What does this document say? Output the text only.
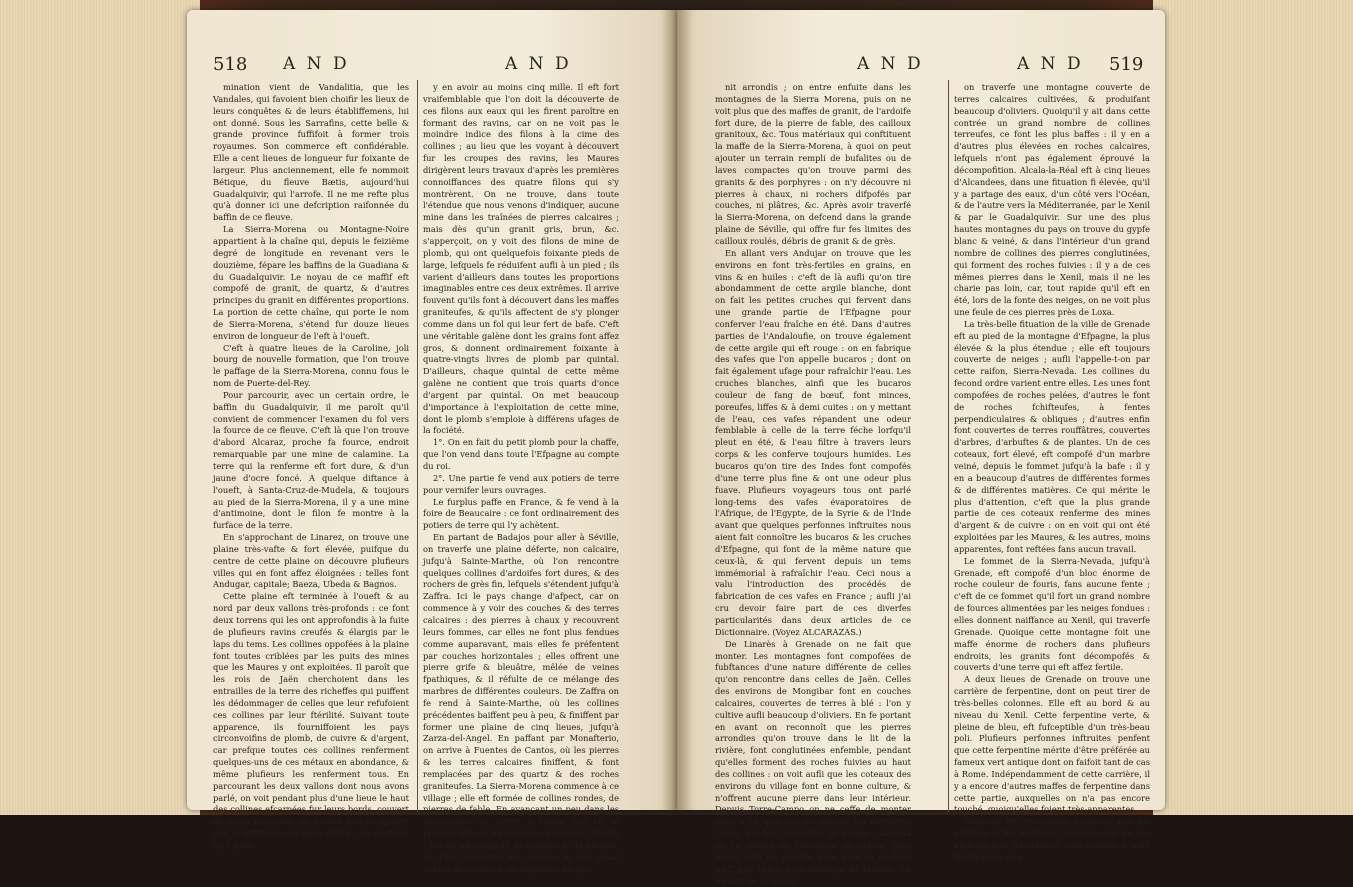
518 A N D	A N D

mination vient de Vandalitia, que les Vandales, qui favoient bien choifir les lieux de leurs conquêtes & de leurs établiffemens, lui ont donné. Sous les Sarrafins, cette belle & grande province fuffifoit à former trois royaumes. Son commerce eft confidérable. Elle a cent lieues de longueur fur foixante de largeur. Plus anciennement, elle fe nommoit Bétique, du fleuve Bætis, aujourd'hui Guadalquivir, qui l'arrofe. Il ne me refte plus qu'à donner ici une defcription raifonnée du baffin de ce fleuve.

La Sierra-Morena ou Montagne-Noire appartient à la chaîne qui, depuis le feizième degré de longitude en revenant vers le douzième, fépare les baffins de la Guadiana & du Guadalquivir. Le noyau de ce maffif eft compofé de granit, de quartz, & d'autres principes du granit en différentes proportions. La portion de cette chaîne, qui porte le nom de Sierra-Morena, s'étend fur douze lieues environ de longueur de l'eft à l'oueft.

C'eft à quatre lieues de la Caroline, joli bourg de nouvelle formation, que l'on trouve le paffage de la Sierra-Morena, connu fous le nom de Puerte-del-Rey.

Pour parcourir, avec un certain ordre, le baffin du Guadalquivir, il me paroît qu'il convient de commencer l'examen du fol vers la fource de ce fleuve. C'eft là que l'on trouve d'abord Alcaraz, proche fa fource, endroit remarquable par une mine de calamine. La terre qui la renferme eft fort dure, & d'un jaune d'ocre foncé. A quelque diftance à l'oueft, à Santa-Cruz-de-Mudela, & toujours au pied de la Sierra-Morena, il y a une mine d'antimoine, dont le filon fe montre à la furface de la terre.

En s'approchant de Linarez, on trouve une plaine très-vafte & fort élevée, puifque du centre de cette plaine on découvre plufieurs villes qui en font affez éloignées : telles font Andugar, capitale; Baeza, Ubeda & Bagnos.

Cette plaine eft terminée à l'oueft & au nord par deux vallons très-profonds : ce font deux torrens qui les ont approfondis à la fuite de plufieurs ravins creufés & élargis par le laps du tems. Les collines oppofées à la plaine font toutes criblées par les puits des mines que les Maures y ont exploitées. Il paroît que les rois de Jaën cherchoient dans les entrailles de la terre des richeffes qui puiffent les dédommager de celles que leur refufoient ces collines par leur ftérilité. Suivant toute apparence, ils fourniffoient les pays circonvoifins de plomb, de cuivre & d'argent, car prefque toutes ces collines renferment quelques-uns de ces métaux en abondance, & même plufieurs les renferment tous. En parcourant les deux vallons dont nous avons parlé, on voit pendant plus d'une lieue le haut des collines efcarpées fur leurs bords, couvert de puits pratiqués de quatre pas en quatre pas, & diftribués en ligne droite : on préfume qu'il peut

y en avoir au moins cinq mille. Il eft fort vraifemblable que l'on doit la découverte de ces filons aux eaux qui les firent paroître en formant des ravins, car on ne voit pas le moindre indice des filons à la cime des collines ; au lieu que les voyant à découvert fur les croupes des ravins, les Maures dirigèrent leurs travaux d'après les premières connoiffances des quatre filons qui s'y montrèrent. On ne trouve, dans toute l'étendue que nous venons d'indiquer, aucune mine dans les traînées de pierres calcaires ; mais dès qu'un granit gris, brun, &c. s'apperçoit, on y voit des filons de mine de plomb, qui ont quelquefois foixante pieds de large, lefquels fe réduifent aufli à un pied ; ils varient d'ailleurs dans toutes les proportions imaginables entre ces deux extrêmes. Il arrive fouvent qu'ils font à découvert dans les maffes graniteufes, & qu'ils affectent de s'y plonger comme dans un fol qui leur fert de bafe. C'eft une véritable galène dont les grains font affez gros, & donnent ordinairement foixante à quatre-vingts livres de plomb par quintal. D'ailleurs, chaque quintal de cette même galène ne contient que trois quarts d'once d'argent par quintal. On met beaucoup d'importance à l'exploitation de cette mine, dont le plomb s'emploie à différens ufages de la fociété.

1°. On en fait du petit plomb pour la chaffe, que l'on vend dans toute l'Efpagne au compte du roi.

2°. Une partie fe vend aux potiers de terre pour vernifer leurs ouvrages.

Le furplus paffe en France, & fe vend à la foire de Beaucaire : ce font ordinairement des potiers de terre qui l'y achètent.

En partant de Badajos pour aller à Séville, on traverfe une plaine déferte, non calcaire, jufqu'à Sainte-Marthe, où l'on rencontre quelques collines d'ardoifes fort dures, & des rochers de grès fin, lefquels s'étendent jufqu'à Zaffra. Ici le pays change d'afpect, car on commence à y voir des couches & des terres calcaires : des pierres à chaux y recouvrent leurs fommes, car elles ne font plus fendues comme auparavant, mais elles fe préfentent par couches horizontales ; elles offrent une pierre grife & bleuâtre, mêlée de veines fpathiques, & il réfulte de ce mélange des marbres de différentes couleurs. De Zaffra on fe rend à Sainte-Marthe, où les collines précédentes baiffent peu à peu, & finiffent par former une plaine de cinq lieues, jufqu'à Zarza-del-Angel. En paffant par Monafterio, on arrive à Fuentes de Cantos, où les pierres & les terres calcaires finiffent, & font remplacées par des quartz & des roches graniteufes. La Sierra-Morena commence à ce village ; elle eft formée de collines rondes, de pierres de fable. En avançant un peu dans les montagnes, on arrive à Olalla, qui eft le premier village du royaume ancien de Séville : fon fol eft compofé de collines & de plaines, où l'on rencontre des pierres & des amas confus de roches & de fragmens de gra-

A N D	A N D 519

nit arrondis ; on entre enfuite dans les montagnes de la Sierra Morena, puis on ne voit plus que des maffes de granit, de l'ardoife fort dure, de la pierre de fable, des cailloux granitoux, &c. Tous matériaux qui conftituent la maffe de la Sierra-Morena, à quoi on peut ajouter un terrain rempli de bufalites ou de laves compactes qu'on trouve parmi des granits & des porphyres : on n'y découvre ni pierres à chaux, ni rochers difpofés par couches, ni plâtres, &c. Après avoir traverfé la Sierra-Morena, on defcend dans la grande plaine de Séville, qui offre fur fes limites des cailloux roulés, débris de granit & de grès.

En allant vers Andujar on trouve que les environs en font très-fertiles en grains, en vins & en huiles : c'eft de là aufli qu'on tire abondamment de cette argile blanche, dont on fait les petites cruches qui fervent dans une grande partie de l'Efpagne pour conferver l'eau fraîche en été. Dans d'autres parties de l'Andaloufie, on trouve également de cette argile qui eft rouge : on en fabrique des vafes que l'on appelle bucaros ; dont on fait également ufage pour rafraîchir l'eau. Les cruches blanches, ainfi que les bucaros couleur de fang de bœuf, font minces, poreufes, liffes & à demi cuites : on y mettant de l'eau, ces vafes répandent une odeur femblable à celle de la terre féche lorfqu'il pleut en été, & l'eau filtre à travers leurs corps & les conferve toujours humides. Les bucaros qu'on tire des Indes font compofés d'une terre plus fine & ont une odeur plus fuave. Plufieurs voyageurs tous ont parlé long-tems des vafes évaporatoires de l'Afrique, de l'Egypte, de la Syrie & de l'Inde avant que quelques perfonnes inftruites nous aient fait connoître les bucaros & les cruches d'Efpagne, qui font de la même nature que ceux-là, & qui fervent depuis un tems immémorial à rafraîchir l'eau. Ceci nous a valu l'introduction des procédés de fabrication de ces vafes en France ; aufli j'ai cru devoir faire part de ces diverfes particularités dans deux articles de ce Dictionnaire. (Voyez ALCARAZAS.)

De Linarès à Grenade on ne fait que monter. Les montagnes font compofées de fubftances d'une nature différente de celles qu'on rencontre dans celles de Jaën. Celles des environs de Mongibar font en couches calcaires, couvertes de terres à blé : l'on y cultive aufli beaucoup d'oliviers. En fe portant en avant on reconnoît que les pierres arrondies qu'on trouve dans le lit de la rivière, font conglutinées enfemble, pendant qu'elles forment des roches fuivies au haut des collines : on voit aufli que les coteaux des environs du village font en bonne culture, & n'offrent aucune pierre dans leur intérieur. Depuis Torre-Campo on ne ceffe de monter jufqu'à ce que l'on ait atteint les dernières cimes, qui font couvertes de neiges : au-delà de ce village on rencontre Alcaudete, gros bourg bâti en marbre noir, dont la couleur n'eft pas l'effet d'un mélange de bitume. En fortant de ce bourg

on traverfe une montagne couverte de terres calcaires cultivées, & produifant beaucoup d'oliviers. Quoiqu'il y ait dans cette contrée un grand nombre de collines terreufes, ce font les plus baffes : il y en a d'autres plus élevées en roches calcaires, lefquels n'ont pas également éprouvé la décompofition. Alcala-la-Réal eft à cinq lieues d'Alcandees, dans une fituation fi élevée, qu'il y a partage des eaux, d'un côté vers l'Océan, & de l'autre vers la Méditerranée, par le Xenil & par le Guadalquivir. Sur une des plus hautes montagnes du pays on trouve du gypfe blanc & veiné, & dans l'intérieur d'un grand nombre de collines des pierres conglutinées, qui forment des roches fuivies : il y a de ces mêmes pierres dans le Xenil, mais il ne les charie pas loin, car, tout rapide qu'il eft en été, lors de la fonte des neiges, on ne voit plus une feule de ces pierres près de Loxa.

La très-belle fituation de la ville de Grenade eft au pied de la montagne d'Efpagne, la plus élevée & la plus étendue ; elle eft toujours couverte de neiges ; aufli l'appelle-t-on par cette raifon, Sierra-Nevada. Les collines du fecond ordre varient entre elles. Les unes font compofées de roches pelées, d'autres le font de roches fchifteufes, à fentes perpendiculaires & obliques ; d'autres enfin font couvertes de terres rouffâtres, couvertes d'arbres, d'arbuftes & de plantes. Un de ces coteaux, fort élevé, eft compofé d'un marbre veiné, depuis le fommet jufqu'à la bafe : il y en a beaucoup d'autres de différentes formes & de différentes matières. Ce qui mérite le plus d'attention, c'eft que la plus grande partie de ces coteaux renferme des mines d'argent & de cuivre : on en voit qui ont été exploitées par les Maures, & les autres, moins apparentes, font reftées fans aucun travail.

Le fommet de la Sierra-Nevada, jufqu'à Grenade, eft compofé d'un bloc énorme de roche couleur de fouris, fans aucune fente ; c'eft de ce fommet qu'il fort un grand nombre de fources alimentées par les neiges fondues : elles donnent naiffance au Xenil, qui traverfe Grenade. Quoique cette montagne foit une maffe énorme de rochers dans plufieurs endroits, les granits font décompofés & couverts d'une terre qui eft affez fertile.

A deux lieues de Grenade on trouve une carrière de ferpentine, dont on peut tirer de très-belles colonnes. Elle eft au bord & au niveau du Xenil. Cette ferpentine verte, & pleine de bleu, eft fufceptible d'un très-beau poli. Plufieurs perfonnes inftruites penfent que cette ferpentine mérite d'être préférée au fameux vert antique dont on faifoit tant de cas à Rome. Indépendamment de cette carrière, il y a encore d'autres maffes de ferpentine dans cette partie, auxquelles on n'a pas encore touché, quoiqu'elles foient très-apparentes.

Grenade eft renommée d'ailleurs par fes albâtres & fes marbres. Quelques-uns de ces albâtres font très-blancs, aufli brillans & aufli tranfparens que
